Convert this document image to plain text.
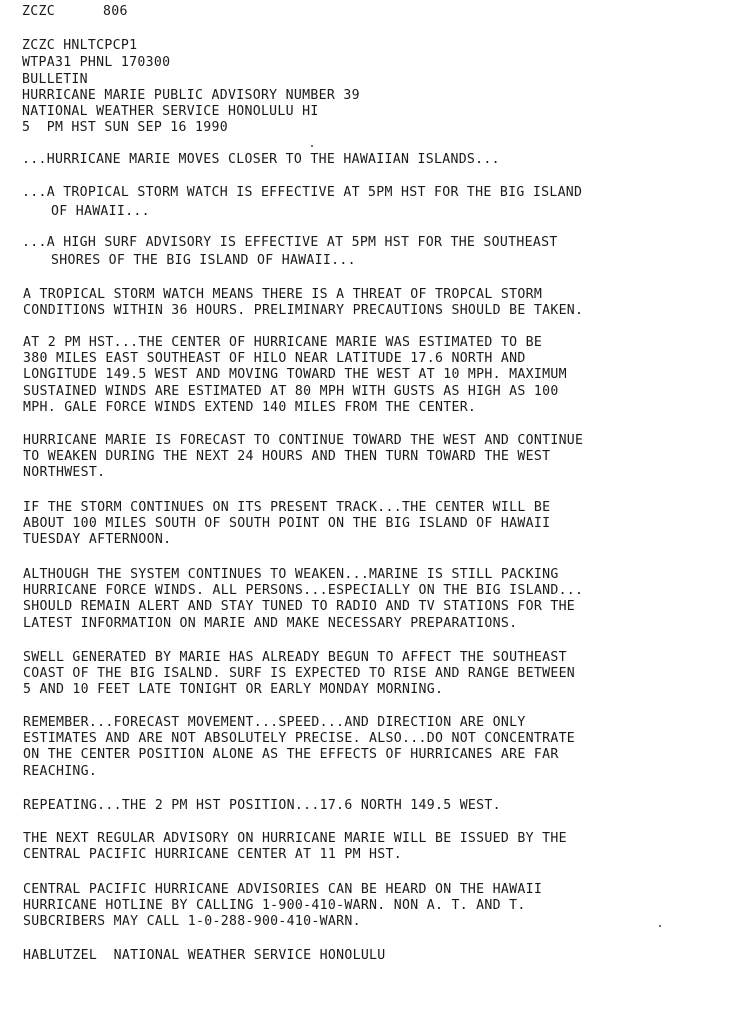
ZCZC	806
ZCZC HNLTCPCP1
WTPA31 PHNL 170300
BULLETIN
HURRICANE MARIE PUBLIC ADVISORY NUMBER 39
NATIONAL WEATHER SERVICE HONOLULU HI
5  PM HST SUN SEP 16 1990
...HURRICANE MARIE MOVES CLOSER TO THE HAWAIIAN ISLANDS...
...A TROPICAL STORM WATCH IS EFFECTIVE AT 5PM HST FOR THE BIG ISLAND
OF HAWAII...
...A HIGH SURF ADVISORY IS EFFECTIVE AT 5PM HST FOR THE SOUTHEAST
SHORES OF THE BIG ISLAND OF HAWAII...
A TROPICAL STORM WATCH MEANS THERE IS A THREAT OF TROPCAL STORM
CONDITIONS WITHIN 36 HOURS. PRELIMINARY PRECAUTIONS SHOULD BE TAKEN.
AT 2 PM HST...THE CENTER OF HURRICANE MARIE WAS ESTIMATED TO BE
380 MILES EAST SOUTHEAST OF HILO NEAR LATITUDE 17.6 NORTH AND
LONGITUDE 149.5 WEST AND MOVING TOWARD THE WEST AT 10 MPH. MAXIMUM
SUSTAINED WINDS ARE ESTIMATED AT 80 MPH WITH GUSTS AS HIGH AS 100
MPH. GALE FORCE WINDS EXTEND 140 MILES FROM THE CENTER.
HURRICANE MARIE IS FORECAST TO CONTINUE TOWARD THE WEST AND CONTINUE
TO WEAKEN DURING THE NEXT 24 HOURS AND THEN TURN TOWARD THE WEST
NORTHWEST.
IF THE STORM CONTINUES ON ITS PRESENT TRACK...THE CENTER WILL BE
ABOUT 100 MILES SOUTH OF SOUTH POINT ON THE BIG ISLAND OF HAWAII
TUESDAY AFTERNOON.
ALTHOUGH THE SYSTEM CONTINUES TO WEAKEN...MARINE IS STILL PACKING
HURRICANE FORCE WINDS. ALL PERSONS...ESPECIALLY ON THE BIG ISLAND...
SHOULD REMAIN ALERT AND STAY TUNED TO RADIO AND TV STATIONS FOR THE
LATEST INFORMATION ON MARIE AND MAKE NECESSARY PREPARATIONS.
SWELL GENERATED BY MARIE HAS ALREADY BEGUN TO AFFECT THE SOUTHEAST
COAST OF THE BIG ISALND. SURF IS EXPECTED TO RISE AND RANGE BETWEEN
5 AND 10 FEET LATE TONIGHT OR EARLY MONDAY MORNING.
REMEMBER...FORECAST MOVEMENT...SPEED...AND DIRECTION ARE ONLY
ESTIMATES AND ARE NOT ABSOLUTELY PRECISE. ALSO...DO NOT CONCENTRATE
ON THE CENTER POSITION ALONE AS THE EFFECTS OF HURRICANES ARE FAR
REACHING.
REPEATING...THE 2 PM HST POSITION...17.6 NORTH 149.5 WEST.
THE NEXT REGULAR ADVISORY ON HURRICANE MARIE WILL BE ISSUED BY THE
CENTRAL PACIFIC HURRICANE CENTER AT 11 PM HST.
CENTRAL PACIFIC HURRICANE ADVISORIES CAN BE HEARD ON THE HAWAII
HURRICANE HOTLINE BY CALLING 1-900-410-WARN. NON A. T. AND T.
SUBCRIBERS MAY CALL 1-0-288-900-410-WARN.
HABLUTZEL  NATIONAL WEATHER SERVICE HONOLULU
